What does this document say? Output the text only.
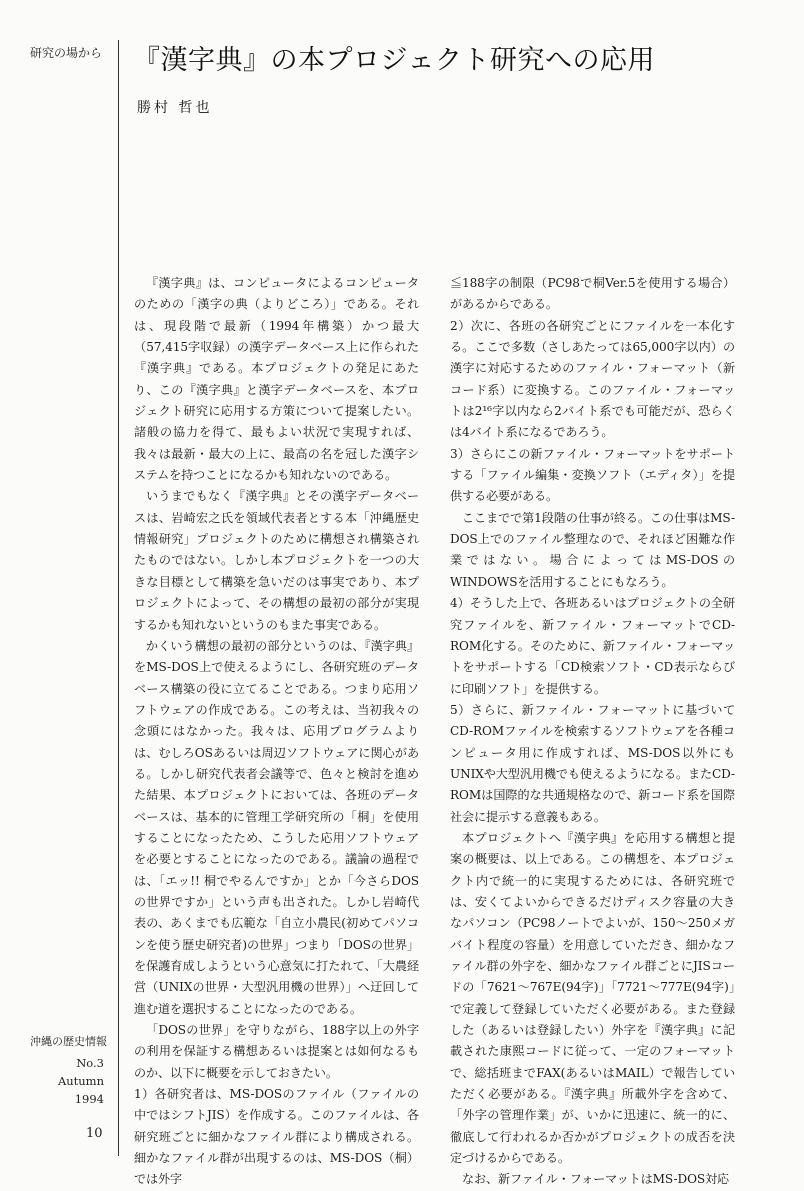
研究の場から 『漢字典』の本プロジェクト研究への応用
勝村 哲也

『漢字典』は、コンピュータによるコンピュータのための「漢字の典（よりどころ）」である。それは、現段階で最新（1994年構築）かつ最大（57,415字収録）の漢字データベース上に作られた『漢字典』である。本プロジェクトの発足にあたり、この『漢字典』と漢字データベースを、本プロジェクト研究に応用する方策について提案したい。諸般の協力を得て、最もよい状況で実現すれば、我々は最新・最大の上に、最高の名を冠した漢字システムを持つことになるかも知れないのである。

いうまでもなく『漢字典』とその漢字データベースは、岩崎宏之氏を領域代表者とする本「沖縄歴史情報研究」プロジェクトのために構想され構築されたものではない。しかし本プロジェクトを一つの大きな目標として構築を急いだのは事実であり、本プロジェクトによって、その構想の最初の部分が実現するかも知れないというのもまた事実である。

かくいう構想の最初の部分というのは、『漢字典』をMS-DOS上で使えるようにし、各研究班のデータベース構築の役に立てることである。つまり応用ソフトウェアの作成である。この考えは、当初我々の念頭にはなかった。我々は、応用プログラムよりは、むしろOSあるいは周辺ソフトウェアに関心がある。しかし研究代表者会議等で、色々と検討を進めた結果、本プロジェクトにおいては、各班のデータベースは、基本的に管理工学研究所の「桐」を使用することになったため、こうした応用ソフトウェアを必要とすることになったのである。議論の過程では、「エッ!! 桐でやるんですか」とか「今さらDOSの世界ですか」という声も出された。しかし岩崎代表の、あくまでも広範な「自立小農民(初めてパソコンを使う歴史研究者)の世界」つまり「DOSの世界」を保護育成しようという心意気に打たれて、「大農経営（UNIXの世界・大型汎用機の世界）」へ迂回して進む道を選択することになったのである。

「DOSの世界」を守りながら、188字以上の外字の利用を保証する構想あるいは提案とは如何なるものか、以下に概要を示しておきたい。

1）各研究者は、MS-DOSのファイル（ファイルの中ではシフトJIS）を作成する。このファイルは、各研究班ごとに細かなファイル群により構成される。細かなファイル群が出現するのは、MS-DOS（桐）では外字

≦188字の制限（PC98で桐Ver.5を使用する場合）があるからである。

2）次に、各班の各研究ごとにファイルを一本化する。ここで多数（さしあたっては65,000字以内）の漢字に対応するためのファイル・フォーマット（新コード系）に変換する。このファイル・フォーマットは2¹⁶字以内なら2バイト系でも可能だが、恐らくは4バイト系になるであろう。

3）さらにこの新ファイル・フォーマットをサポートする「ファイル編集・変換ソフト（エディタ）」を提供する必要がある。

ここまでで第1段階の仕事が終る。この仕事はMS-DOS上でのファイル整理なので、それほど困難な作業ではない。場合によってはMS-DOSのWINDOWSを活用することにもなろう。

4）そうした上で、各班あるいはプロジェクトの全研究ファイルを、新ファイル・フォーマットでCD-ROM化する。そのために、新ファイル・フォーマットをサポートする「CD検索ソフト・CD表示ならびに印刷ソフト」を提供する。

5）さらに、新ファイル・フォーマットに基づいてCD-ROMファイルを検索するソフトウェアを各種コンピュータ用に作成すれば、MS-DOS以外にもUNIXや大型汎用機でも使えるようになる。またCD-ROMは国際的な共通規格なので、新コード系を国際社会に提示する意義もある。

本プロジェクトへ『漢字典』を応用する構想と提案の概要は、以上である。この構想を、本プロジェクト内で統一的に実現するためには、各研究班では、安くてよいからできるだけディスク容量の大きなパソコン（PC98ノートでよいが、150〜250メガバイト程度の容量）を用意していただき、細かなファイル群の外字を、細かなファイル群ごとにJISコードの「7621〜767E(94字)」「7721〜777E(94字)」で定義して登録していただく必要がある。また登録した（あるいは登録したい）外字を『漢字典』に記載された康熙コードに従って、一定のフォーマットで、総括班までFAX(あるいはMAIL）で報告していただく必要がある。『漢字典』所載外字を含めて、「外字の管理作業」が、いかに迅速に、統一的に、徹底して行われるか否かがプロジェクトの成否を決定づけるからである。

なお、新ファイル・フォーマットはMS-DOS対応

沖縄の歴史情報
No.3
Autumn
1994
10
